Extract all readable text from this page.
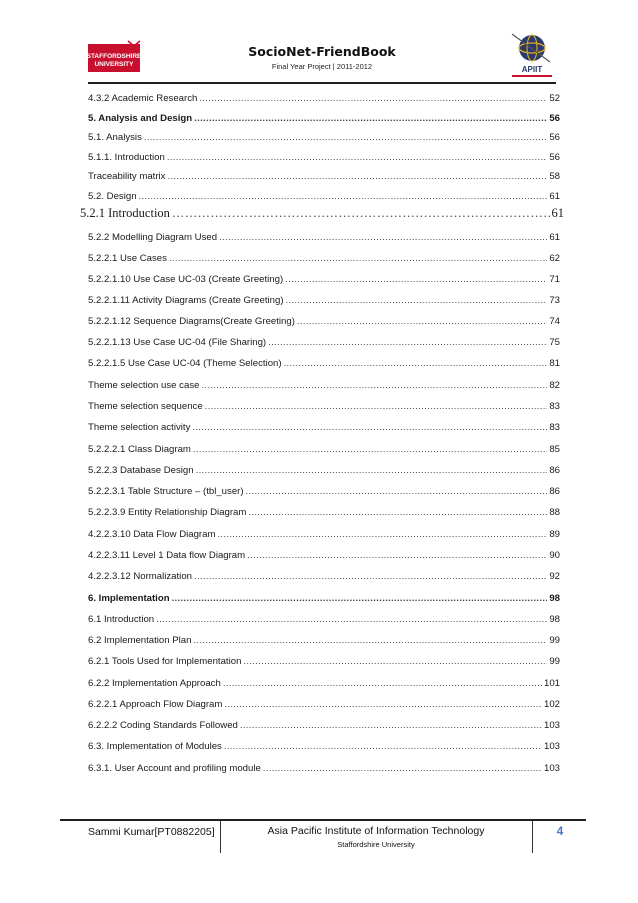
STAFFORDSHIRE
UNIVERSITY
SocioNet-FriendBook
Final Year Project | 2011-2012	APIIT
4.3.2 Academic Research .....	52
5. Analysis and Design .....	56
5.1. Analysis .....	56
5.1.1. Introduction .....	56
Traceability matrix .....	58
5.2. Design .....	61
5.2.1 Introduction …………………………………………………………………………………………………………………………………………………………………………………	61
5.2.2 Modelling Diagram Used .....	61
5.2.2.1 Use Cases .....	62
5.2.2.1.10 Use Case UC-03 (Create Greeting) .....	71
5.2.2.1.11 Activity Diagrams (Create Greeting) .....	73
5.2.2.1.12 Sequence Diagrams(Create Greeting) .....	74
5.2.2.1.13 Use Case UC-04 (File Sharing) .....	75
5.2.2.1.5 Use Case UC-04 (Theme Selection) .....	81
Theme selection use case .....	82
Theme selection sequence .....	83
Theme selection activity .....	83
5.2.2.2.1 Class Diagram .....	85
5.2.2.3 Database Design .....	86
5.2.2.3.1 Table Structure – (tbl_user) .....	86
5.2.2.3.9 Entity Relationship Diagram .....	88
4.2.2.3.10 Data Flow Diagram .....	89
4.2.2.3.11 Level 1 Data flow Diagram .....	90
4.2.2.3.12 Normalization .....	92
6. Implementation .....	98
6.1 Introduction .....	98
6.2 Implementation Plan .....	99
6.2.1 Tools Used for Implementation .....	99
6.2.2 Implementation Approach .....	101
6.2.2.1 Approach Flow Diagram .....	102
6.2.2.2 Coding Standards Followed .....	103
6.3. Implementation of Modules .....	103
6.3.1. User Account and profiling module .....	103
Sammi Kumar[PT0882205]	Asia Pacific Institute of Information Technology
Staffordshire University
4
